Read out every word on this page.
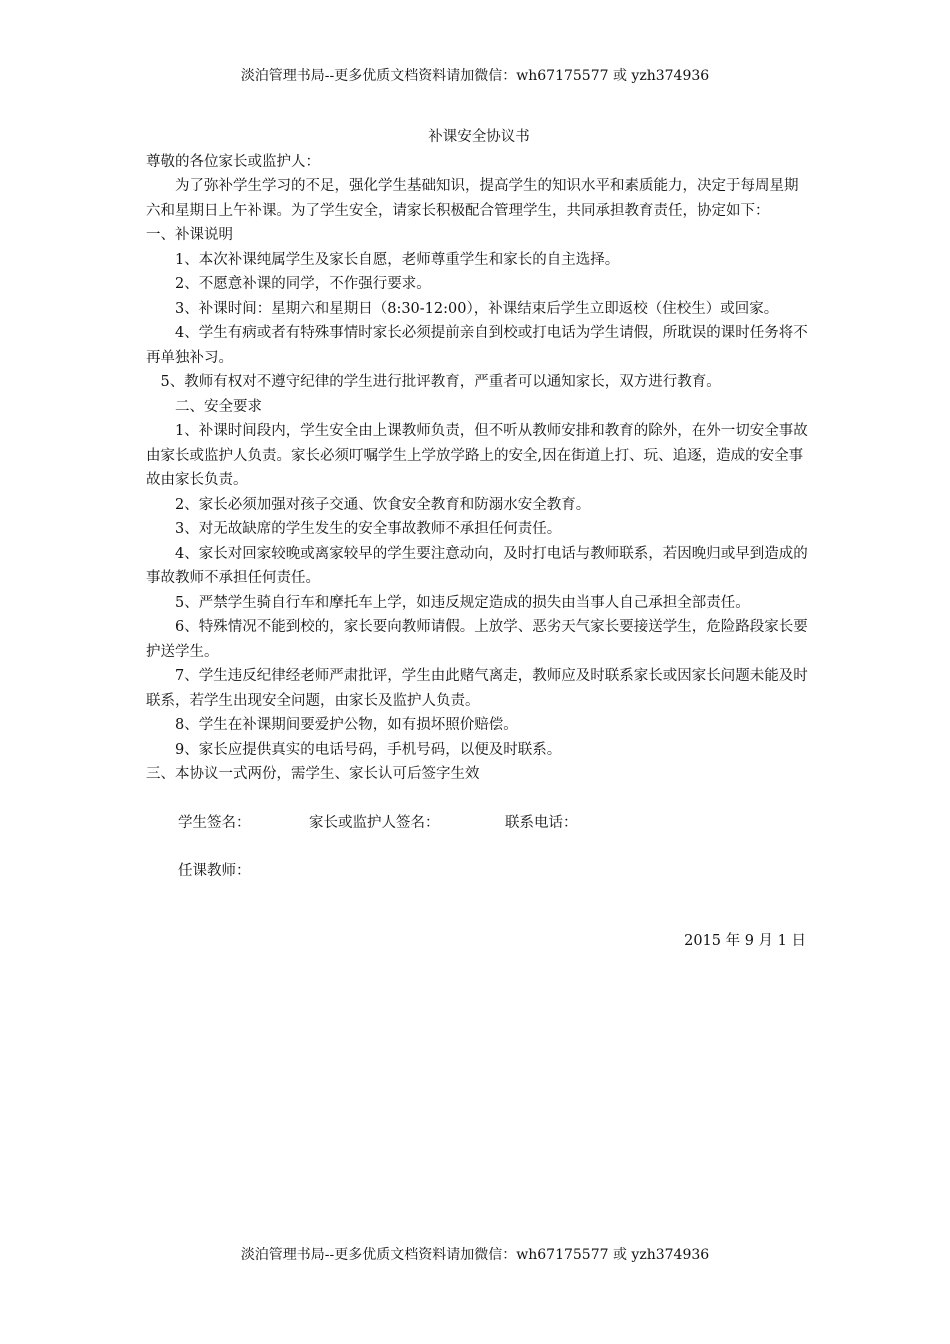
淡泊管理书局--更多优质文档资料请加微信：wh67175577 或 yzh374936

补课安全协议书

尊敬的各位家长或监护人：

为了弥补学生学习的不足，强化学生基础知识，提高学生的知识水平和素质能力，决定于每周星期六和星期日上午补课。为了学生安全，请家长积极配合管理学生，共同承担教育责任，协定如下：

一、补课说明

1、本次补课纯属学生及家长自愿，老师尊重学生和家长的自主选择。

2、不愿意补课的同学，不作强行要求。

3、补课时间：星期六和星期日（8:30-12:00），补课结束后学生立即返校（住校生）或回家。

4、学生有病或者有特殊事情时家长必须提前亲自到校或打电话为学生请假，所耽误的课时任务将不再单独补习。

5、教师有权对不遵守纪律的学生进行批评教育，严重者可以通知家长，双方进行教育。

二、安全要求

1、补课时间段内，学生安全由上课教师负责，但不听从教师安排和教育的除外，在外一切安全事故由家长或监护人负责。家长必须叮嘱学生上学放学路上的安全,因在街道上打、玩、追逐，造成的安全事故由家长负责。

2、家长必须加强对孩子交通、饮食安全教育和防溺水安全教育。

3、对无故缺席的学生发生的安全事故教师不承担任何责任。

4、家长对回家较晚或离家较早的学生要注意动向，及时打电话与教师联系，若因晚归或早到造成的事故教师不承担任何责任。

5、严禁学生骑自行车和摩托车上学，如违反规定造成的损失由当事人自己承担全部责任。

6、特殊情况不能到校的，家长要向教师请假。上放学、恶劣天气家长要接送学生，危险路段家长要护送学生。

7、学生违反纪律经老师严肃批评，学生由此赌气离走，教师应及时联系家长或因家长问题未能及时联系，若学生出现安全问题，由家长及监护人负责。

8、学生在补课期间要爱护公物，如有损坏照价赔偿。

9、家长应提供真实的电话号码，手机号码，以便及时联系。

三、本协议一式两份，需学生、家长认可后签字生效

学生签名：	家长或监护人签名：	联系电话：

任课教师：

2015 年 9 月 1 日

淡泊管理书局--更多优质文档资料请加微信：wh67175577 或 yzh374936
